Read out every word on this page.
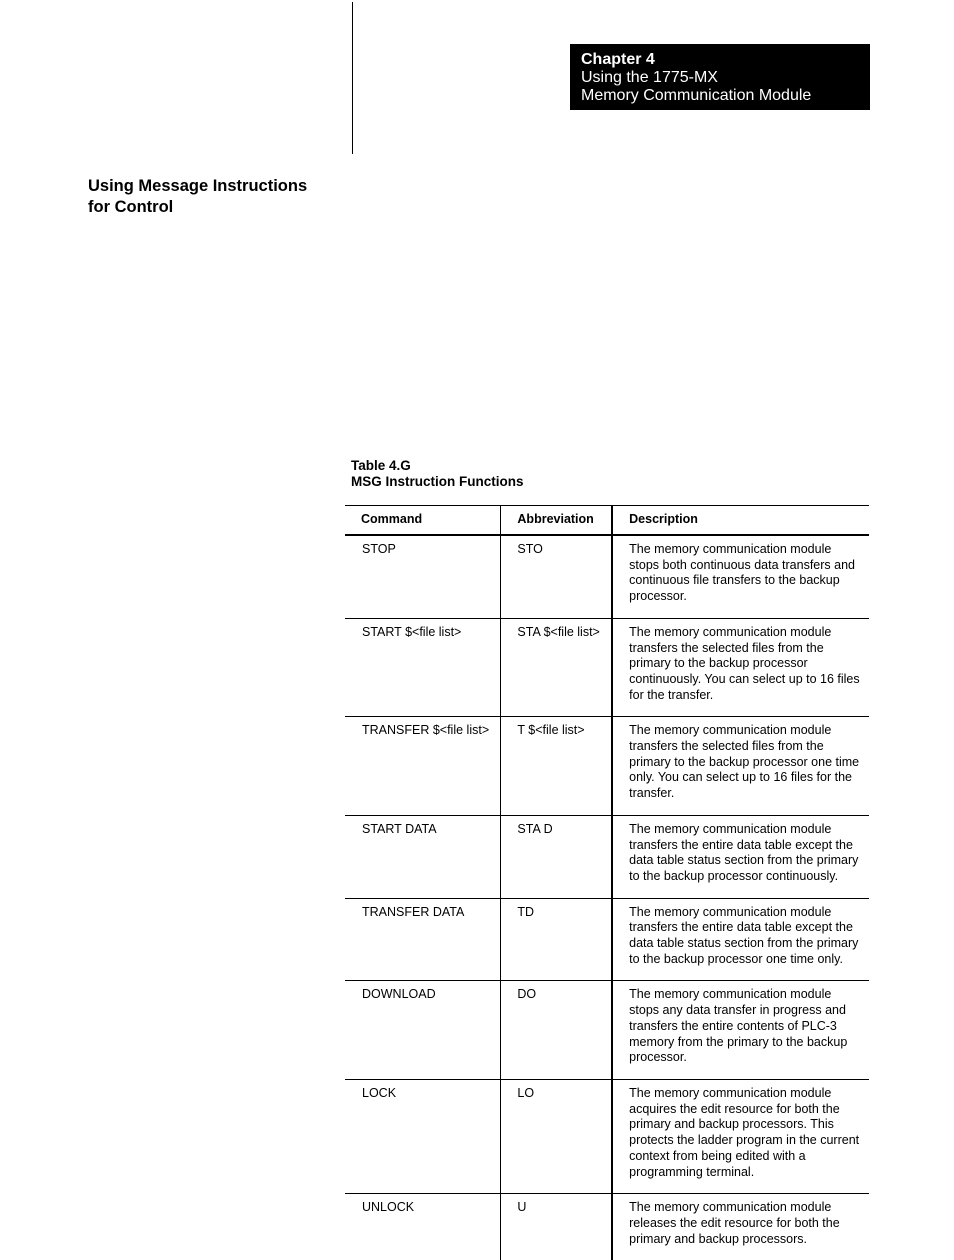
Chapter 4
Using the 1775-MX
Memory Communication Module
Using Message Instructions
for Control
Table 4.G
MSG Instruction Functions
Command	Abbreviation	Description
STOP	STO	The memory communication module stops both continuous data transfers and continuous file transfers to the backup processor.
START $<file list>	STA $<file list>	The memory communication module transfers the selected files from the primary to the backup processor continuously. You can select up to 16 files for the transfer.
TRANSFER $<file list>	T $<file list>	The memory communication module transfers the selected files from the primary to the backup processor one time only. You can select up to 16 files for the transfer.
START DATA	STA D	The memory communication module transfers the entire data table except the data table status section from the primary to the backup processor continuously.
TRANSFER DATA	TD	The memory communication module transfers the entire data table except the data table status section from the primary to the backup processor one time only.
DOWNLOAD	DO	The memory communication module stops any data transfer in progress and transfers the entire contents of PLC-3 memory from the primary to the backup processor.
LOCK	LO	The memory communication module acquires the edit resource for both the primary and backup processors. This protects the ladder program in the current context from being edited with a programming terminal.
UNLOCK	U	The memory communication module releases the edit resource for both the primary and backup processors.
